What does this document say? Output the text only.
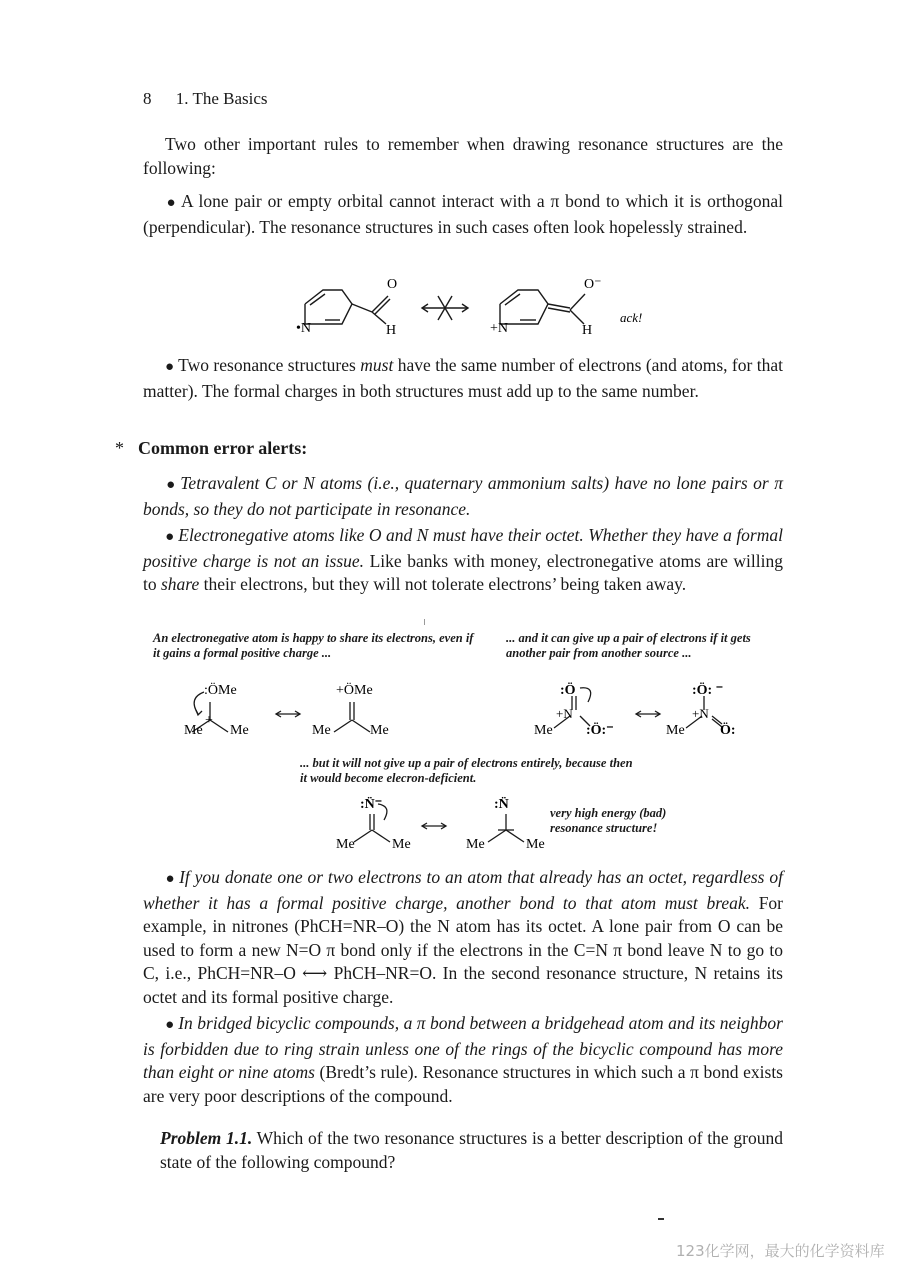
8 1. The Basics

Two other important rules to remember when drawing resonance structures are the following:

● A lone pair or empty orbital cannot interact with a π bond to which it is orthogonal (perpendicular). The resonance structures in such cases often look hopelessly strained.

•N
O
H	+N
O⁻
H
ack!

● Two resonance structures must have the same number of electrons (and atoms, for that matter). The formal charges in both structures must add up to the same number.

* Common error alerts:

● Tetravalent C or N atoms (i.e., quaternary ammonium salts) have no lone pairs or π bonds, so they do not participate in resonance.

● Electronegative atoms like O and N must have their octet. Whether they have a formal positive charge is not an issue. Like banks with money, electronegative atoms are willing to share their electrons, but they will not tolerate electrons’ being taken away.

An electronegative atom is happy to share its electrons, even if it gains a formal positive charge ...

... and it can give up a pair of electrons if it gets another pair from another source ...

:ÖMe
+
Me Me
+ÖMe
Me	Me
:Ö
+N
:Ö:⁻
Me
:Ö: ⁻
+N
Ö:
Me

... but it will not give up a pair of electrons entirely, because then it would become elecron-deficient.

:N̈⁻
Me	Me
:N̈
Me	Me

very high energy (bad) resonance structure!

● If you donate one or two electrons to an atom that already has an octet, regardless of whether it has a formal positive charge, another bond to that atom must break. For example, in nitrones (PhCH=NR–O) the N atom has its octet. A lone pair from O can be used to form a new N=O π bond only if the electrons in the C=N π bond leave N to go to C, i.e., PhCH=NR–O ⟷ PhCH–NR=O. In the second resonance structure, N retains its octet and its formal positive charge.

● In bridged bicyclic compounds, a π bond between a bridgehead atom and its neighbor is forbidden due to ring strain unless one of the rings of the bicyclic compound has more than eight or nine atoms (Bredt’s rule). Resonance structures in which such a π bond exists are very poor descriptions of the compound.

Problem 1.1. Which of the two resonance structures is a better description of the ground state of the following compound?

123化学网，最大的化学资料库
